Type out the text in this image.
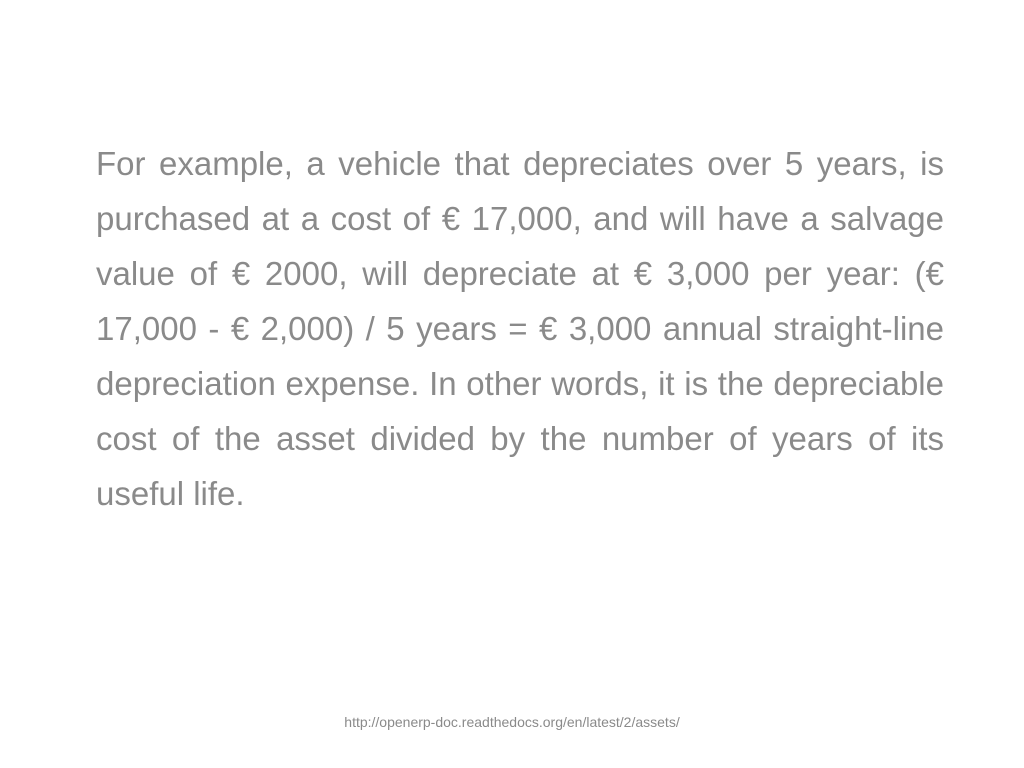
For example, a vehicle that depreciates over 5 years, is purchased at a cost of € 17,000, and will have a salvage value of € 2000, will depreciate at € 3,000 per year: (€ 17,000 - € 2,000) / 5 years = € 3,000 annual straight-line depreciation expense. In other words, it is the depreciable cost of the asset divided by the number of years of its useful life.

http://openerp-doc.readthedocs.org/en/latest/2/assets/
